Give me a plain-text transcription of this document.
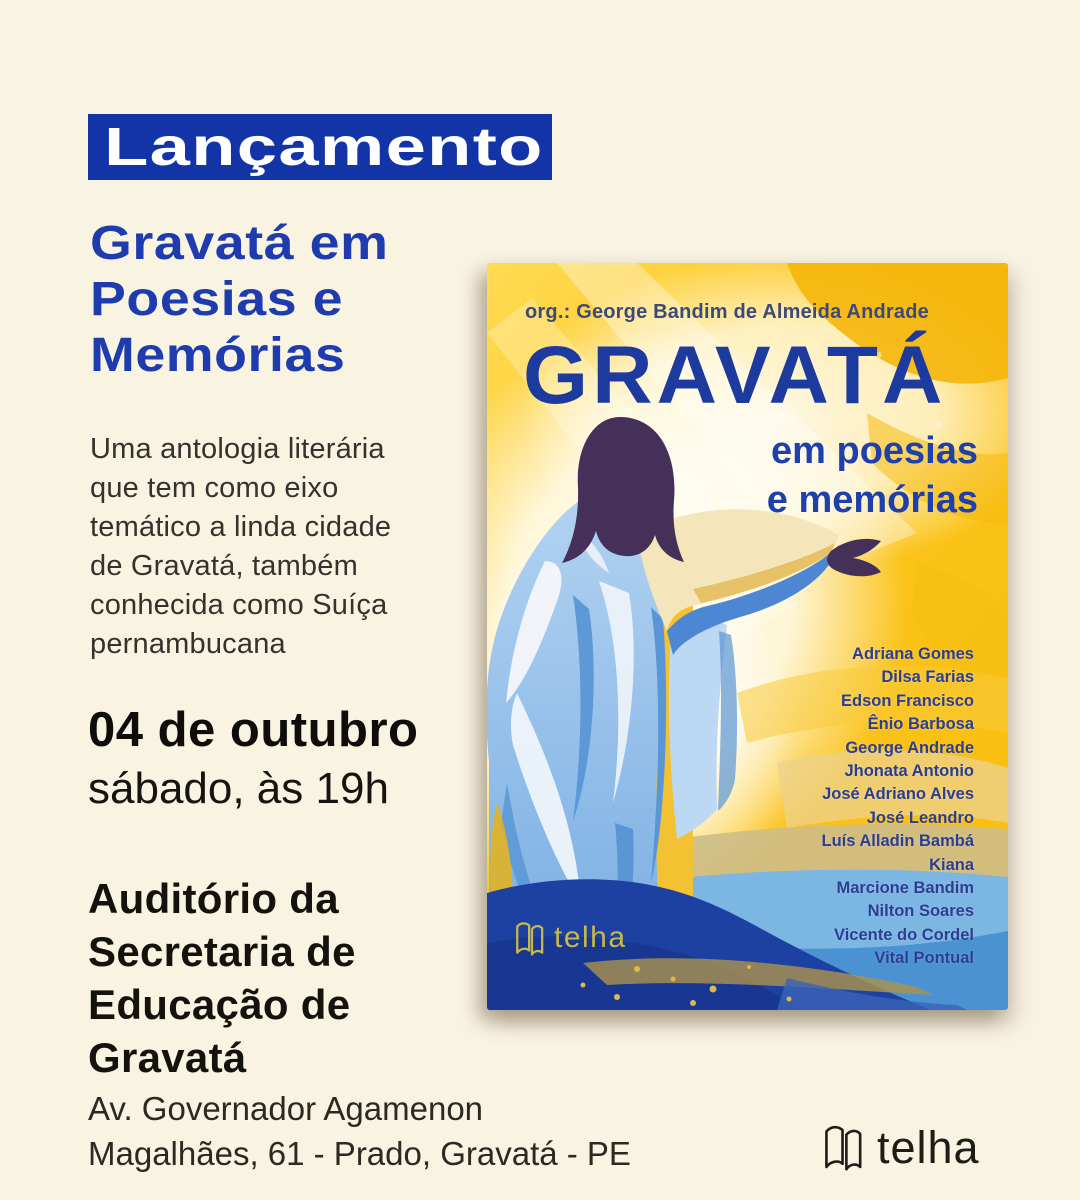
Lançamento
Gravatá em
Poesias e
Memórias
Uma antologia literária
que tem como eixo
temático a linda cidade
de Gravatá, também
conhecida como Suíça
pernambucana
04 de outubro
sábado, às 19h
Auditório da
Secretaria de
Educação de
Gravatá
Av. Governador Agamenon
Magalhães, 61 - Prado, Gravatá - PE
org.: George Bandim de Almeida Andrade
GRAVATÁ
em poesias
e memórias
Adriana Gomes
Dilsa Farias
Edson Francisco
Ênio Barbosa
George Andrade
Jhonata Antonio
José Adriano Alves
José Leandro
Luís Alladin Bambá
Kiana
Marcione Bandim
Nilton Soares
Vicente do Cordel
Vital Pontual
telha
telha
